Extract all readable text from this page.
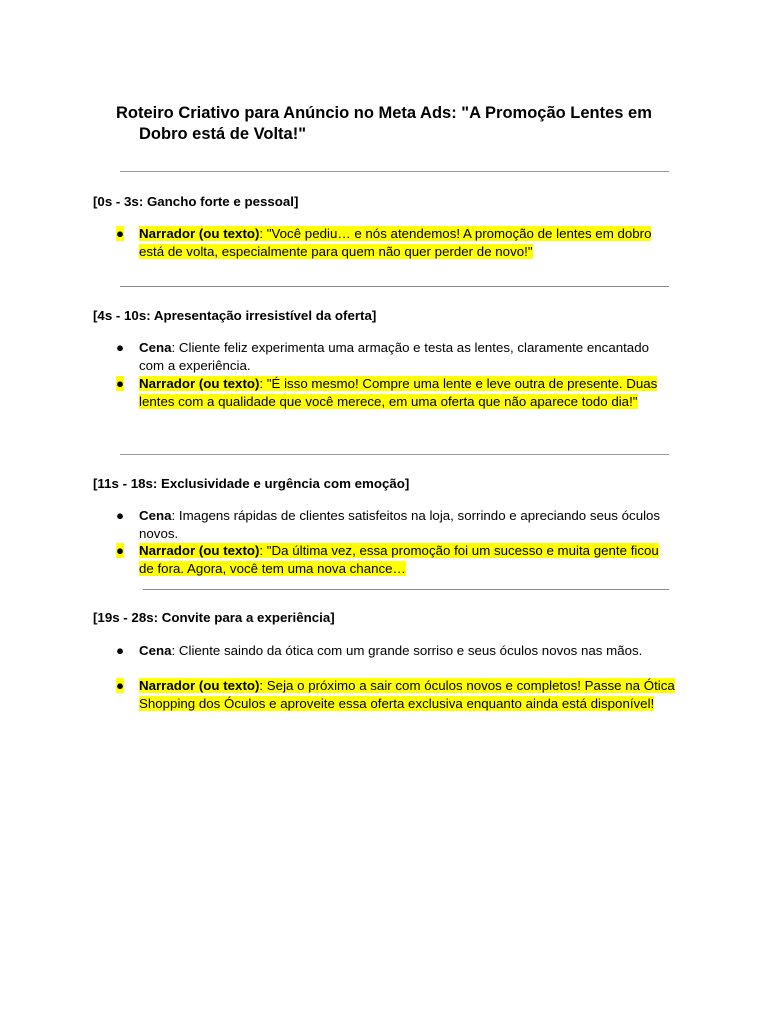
Roteiro Criativo para Anúncio no Meta Ads: "A Promoção Lentes em
Dobro está de Volta!"
[0s - 3s: Gancho forte e pessoal]
●	Narrador (ou texto): "Você pediu… e nós atendemos! A promoção de lentes em dobro está de volta, especialmente para quem não quer perder de novo!"
[4s - 10s: Apresentação irresistível da oferta]
●	Cena: Cliente feliz experimenta uma armação e testa as lentes, claramente encantado com a experiência.
●	Narrador (ou texto): "É isso mesmo! Compre uma lente e leve outra de presente. Duas lentes com a qualidade que você merece, em uma oferta que não aparece todo dia!"
[11s - 18s: Exclusividade e urgência com emoção]
●	Cena: Imagens rápidas de clientes satisfeitos na loja, sorrindo e apreciando seus óculos novos.
●	Narrador (ou texto): "Da última vez, essa promoção foi um sucesso e muita gente ficou de fora. Agora, você tem uma nova chance…
[19s - 28s: Convite para a experiência]
●	Cena: Cliente saindo da ótica com um grande sorriso e seus óculos novos nas mãos.
●	Narrador (ou texto): Seja o próximo a sair com óculos novos e completos! Passe na Ótica Shopping dos Óculos e aproveite essa oferta exclusiva enquanto ainda está disponível!
